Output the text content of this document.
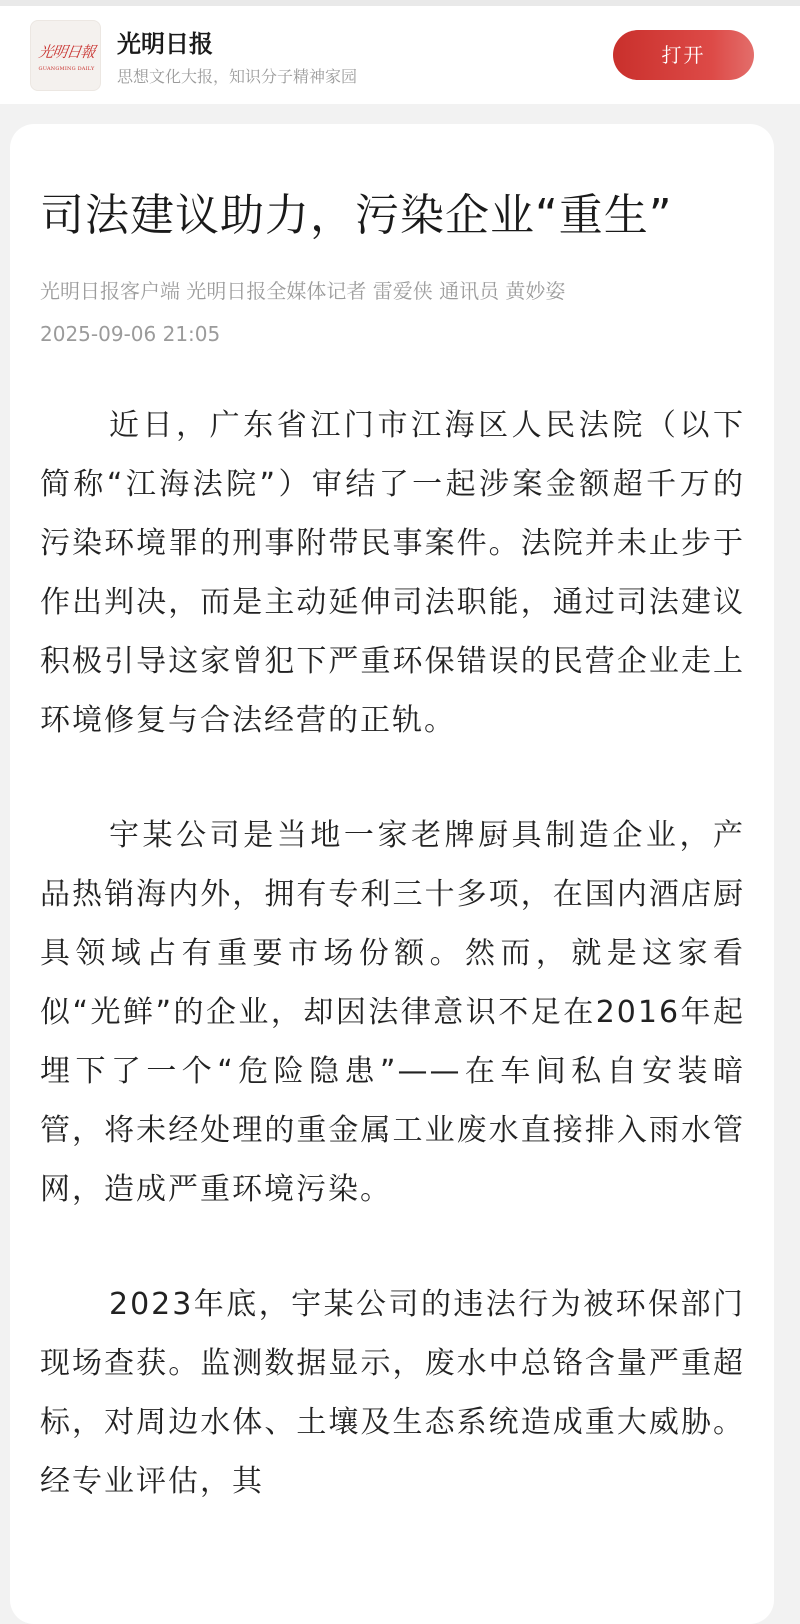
光明日報
GUANGMING DAILY
光明日报
思想文化大报，知识分子精神家园
打开
司法建议助力，污染企业“重生”
光明日报客户端 光明日报全媒体记者 雷爱侠 通讯员 黄妙姿
2025-09-06 21:05

近日，广东省江门市江海区人民法院（以下简称“江海法院”）审结了一起涉案金额超千万的污染环境罪的刑事附带民事案件。法院并未止步于作出判决，而是主动延伸司法职能，通过司法建议积极引导这家曾犯下严重环保错误的民营企业走上环境修复与合法经营的正轨。

宇某公司是当地一家老牌厨具制造企业，产品热销海内外，拥有专利三十多项，在国内酒店厨具领域占有重要市场份额。然而，就是这家看似“光鲜”的企业，却因法律意识不足在2016年起埋下了一个“危险隐患”——在车间私自安装暗管，将未经处理的重金属工业废水直接排入雨水管网，造成严重环境污染。

2023年底，宇某公司的违法行为被环保部门现场查获。监测数据显示，废水中总铬含量严重超标，对周边水体、土壤及生态系统造成重大威胁。经专业评估，其
